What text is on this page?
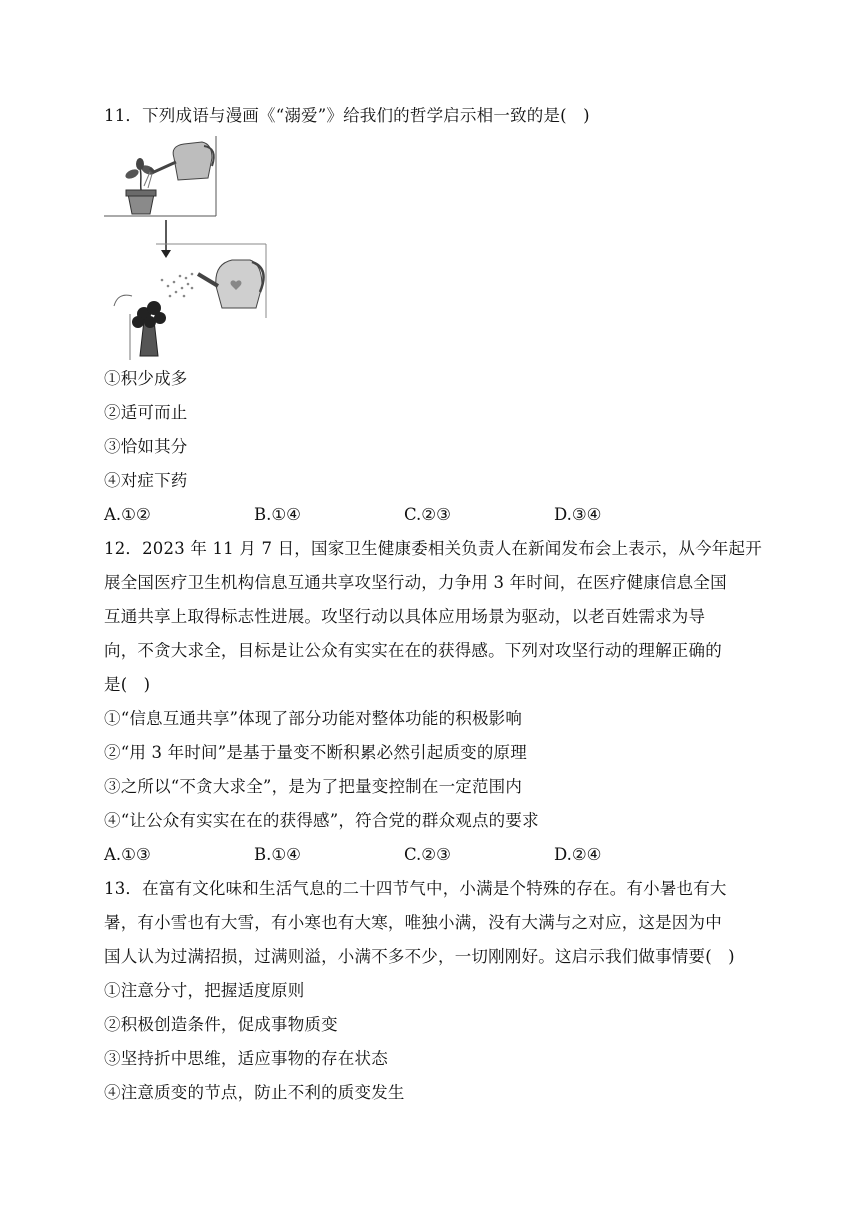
11．下列成语与漫画《“溺爱”》给我们的哲学启示相一致的是(   )
①积少成多
②适可而止
③恰如其分
④对症下药
A.①②	B.①④	C.②③	D.③④
12．2023 年 11 月 7 日，国家卫生健康委相关负责人在新闻发布会上表示，从今年起开
展全国医疗卫生机构信息互通共享攻坚行动，力争用 3 年时间，在医疗健康信息全国
互通共享上取得标志性进展。攻坚行动以具体应用场景为驱动，以老百姓需求为导
向，不贪大求全，目标是让公众有实实在在的获得感。下列对攻坚行动的理解正确的
是(   )
①“信息互通共享”体现了部分功能对整体功能的积极影响
②“用 3 年时间”是基于量变不断积累必然引起质变的原理
③之所以“不贪大求全”，是为了把量变控制在一定范围内
④“让公众有实实在在的获得感”，符合党的群众观点的要求
A.①③	B.①④	C.②③	D.②④
13．在富有文化味和生活气息的二十四节气中，小满是个特殊的存在。有小暑也有大
暑，有小雪也有大雪，有小寒也有大寒，唯独小满，没有大满与之对应，这是因为中
国人认为过满招损，过满则溢，小满不多不少，一切刚刚好。这启示我们做事情要(   )
①注意分寸，把握适度原则
②积极创造条件，促成事物质变
③坚持折中思维，适应事物的存在状态
④注意质变的节点，防止不利的质变发生
